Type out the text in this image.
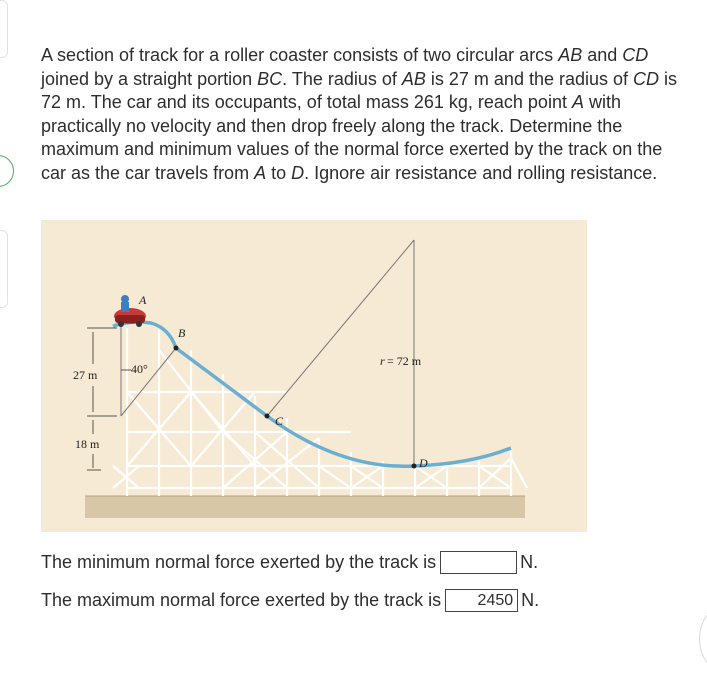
A section of track for a roller coaster consists of two circular arcs AB and CD joined by a straight portion BC. The radius of AB is 27 m and the radius of CD is 72 m. The car and its occupants, of total mass 261 kg, reach point A with practically no velocity and then drop freely along the track. Determine the maximum and minimum values of the normal force exerted by the track on the car as the car travels from A to D. Ignore air resistance and rolling resistance.
A
B
C
D
40°
r = 72 m
27 m
18 m
The minimum normal force exerted by the track is	N.
The maximum normal force exerted by the track is	2450 N.
